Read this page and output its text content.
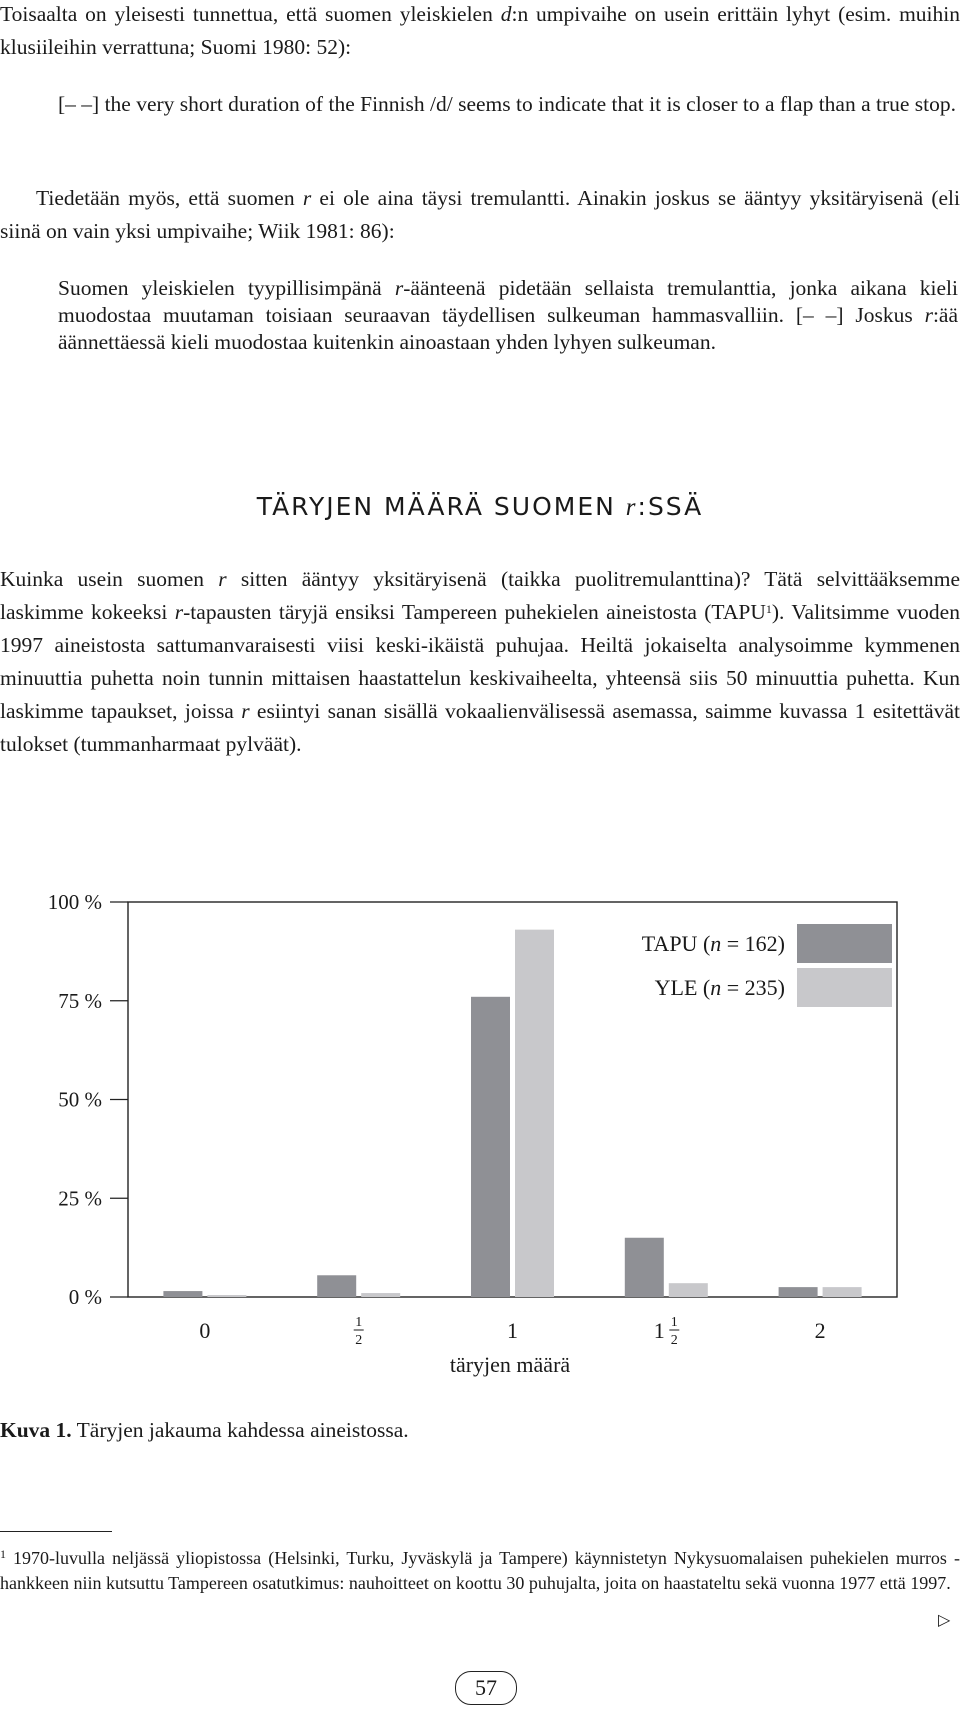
Toisaalta on yleisesti tunnettua, että suomen yleiskielen d:n umpivaihe on usein erittäin lyhyt (esim. muihin klusiileihin verrattuna; Suomi 1980: 52):

[– –] the very short duration of the Finnish /d/ seems to indicate that it is closer to a flap than a true stop.

Tiedetään myös, että suomen r ei ole aina täysi tremulantti. Ainakin joskus se ääntyy yksitäryisenä (eli siinä on vain yksi umpivaihe; Wiik 1981: 86):

Suomen yleiskielen tyypillisimpänä r-äänteenä pidetään sellaista tremulanttia, jonka aikana kieli muodostaa muutaman toisiaan seuraavan täydellisen sulkeuman hammasvalliin. [– –] Joskus r:ää äännettäessä kieli muodostaa kuitenkin ainoastaan yhden lyhyen sulkeuman.

TÄRYJEN MÄÄRÄ SUOMEN r:SSÄ

Kuinka usein suomen r sitten ääntyy yksitäryisenä (taikka puolitremulanttina)? Tätä selvittääksemme laskimme kokeeksi r-tapausten täryjä ensiksi Tampereen puhekielen aineistosta (TAPU$^1$). Valitsimme vuoden 1997 aineistosta sattumanvaraisesti viisi keski-ikäistä puhujaa. Heiltä jokaiselta analysoimme kymmenen minuuttia puhetta noin tunnin mittaisen haastattelun keskivaiheelta, yhteensä siis 50 minuuttia puhetta. Kun laskimme tapaukset, joissa r esiintyi sanan sisällä vokaalienvälisessä asemassa, saimme kuvassa 1 esitettävät tulokset (tummanharmaat pylväät).

0 %
25 %
50 %
75 %
100 %
0	1
2	1	1 1
2	2
täryjen määrä
TAPU (n = 162)
YLE (n = 235)

Kuva 1. Täryjen jakauma kahdessa aineistossa.

$^1$ 1970-luvulla neljässä yliopistossa (Helsinki, Turku, Jyväskylä ja Tampere) käynnistetyn Nykysuomalaisen puhekielen murros -hankkeen niin kutsuttu Tampereen osatutkimus: nauhoitteet on koottu 30 puhujalta, joita on haastateltu sekä vuonna 1977 että 1997.

▷
57
